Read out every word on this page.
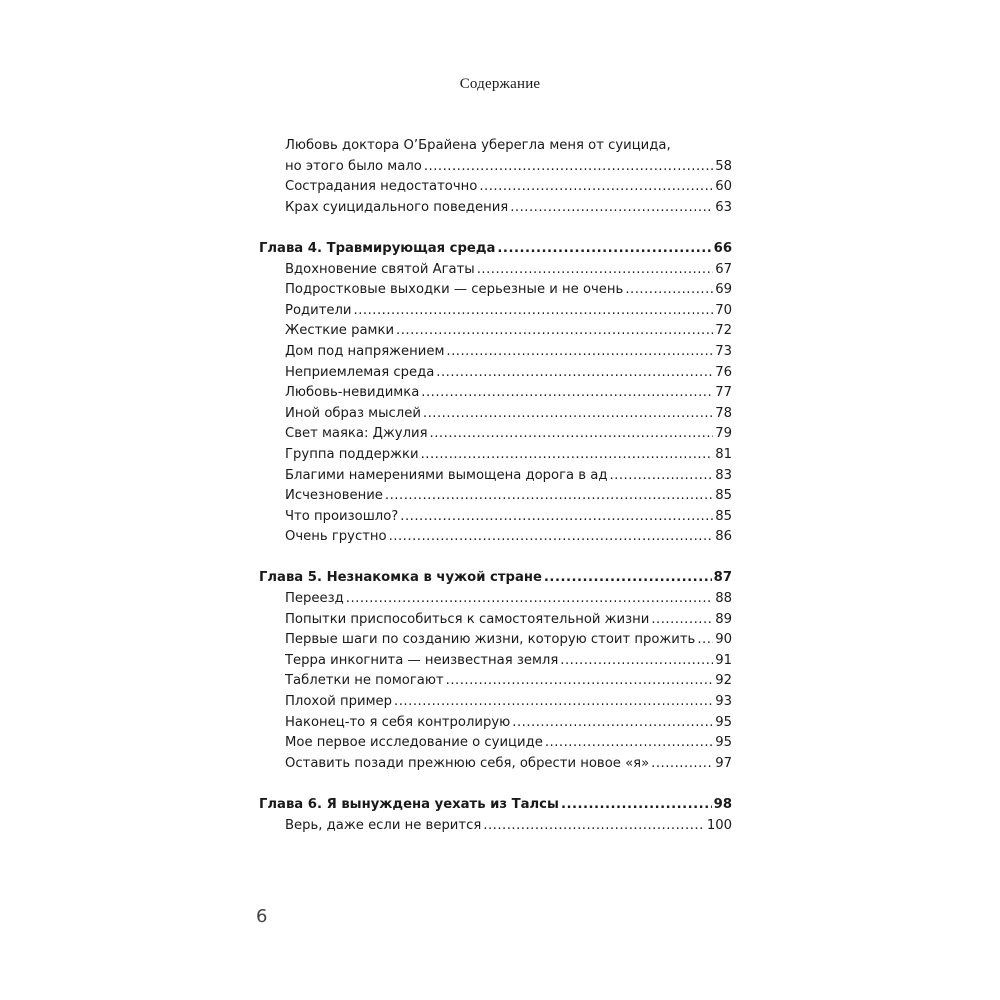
Содержание
Любовь доктора О’Брайена уберегла меня от суицида,
но этого было мало .....	58
Сострадания недостаточно .....	60
Крах суицидального поведения .....	63
Глава 4. Травмирующая среда .....	66
Вдохновение святой Агаты .....	67
Подростковые выходки — серьезные и не очень .....	69
Родители .....	70
Жесткие рамки .....	72
Дом под напряжением .....	73
Неприемлемая среда .....	76
Любовь-невидимка .....	77
Иной образ мыслей .....	78
Свет маяка: Джулия .....	79
Группа поддержки .....	81
Благими намерениями вымощена дорога в ад .....	83
Исчезновение .....	85
Что произошло? .....	85
Очень грустно .....	86
Глава 5. Незнакомка в чужой стране .....	87
Переезд .....	88
Попытки приспособиться к самостоятельной жизни .....	89
Первые шаги по созданию жизни, которую стоит прожить ..... 90
Терра инкогнита — неизвестная земля .....	91
Таблетки не помогают .....	92
Плохой пример .....	93
Наконец-то я себя контролирую .....	95
Мое первое исследование о суициде .....	95
Оставить позади прежнюю себя, обрести новое «я» .....	97
Глава 6. Я вынуждена уехать из Талсы .....	98
Верь, даже если не верится .....	100
6
